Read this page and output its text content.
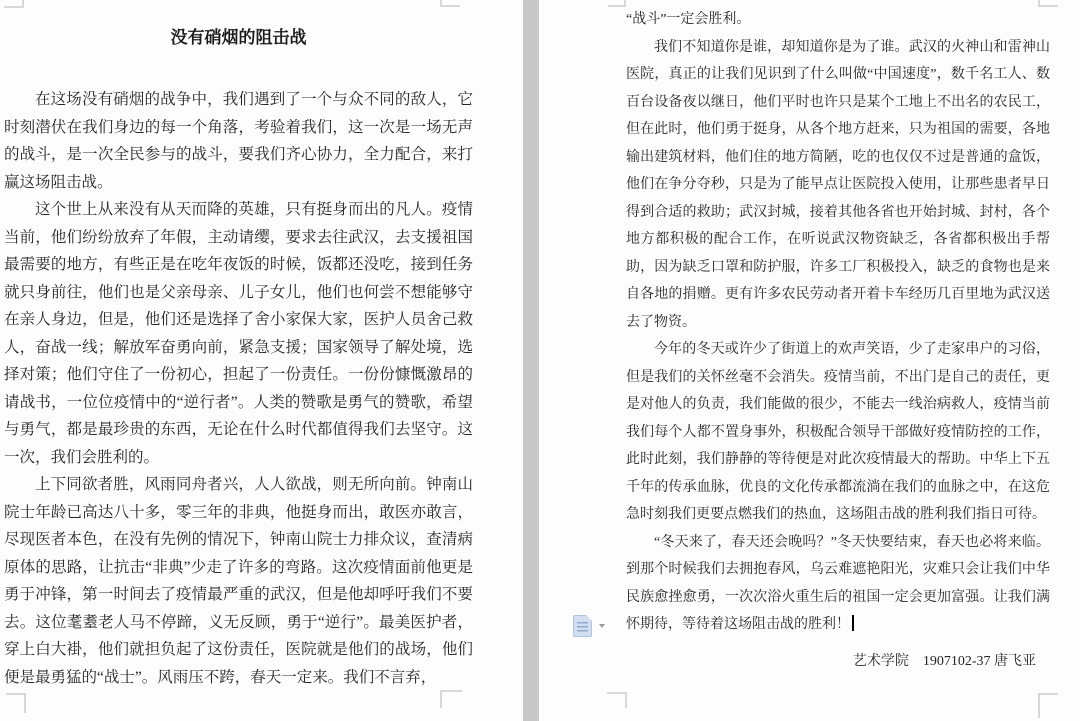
没有硝烟的阻击战

在这场没有硝烟的战争中，我们遇到了一个与众不同的敌人，它时刻潜伏在我们身边的每一个角落，考验着我们，这一次是一场无声的战斗，是一次全民参与的战斗，要我们齐心协力，全力配合，来打赢这场阻击战。

这个世上从来没有从天而降的英雄，只有挺身而出的凡人。疫情当前，他们纷纷放弃了年假，主动请缨，要求去往武汉，去支援祖国最需要的地方，有些正是在吃年夜饭的时候，饭都还没吃，接到任务就只身前往，他们也是父亲母亲、儿子女儿，他们也何尝不想能够守在亲人身边，但是，他们还是选择了舍小家保大家，医护人员舍己救人，奋战一线；解放军奋勇向前，紧急支援；国家领导了解处境，选择对策；他们守住了一份初心，担起了一份责任。一份份慷慨激昂的请战书，一位位疫情中的“逆行者”。人类的赞歌是勇气的赞歌，希望与勇气，都是最珍贵的东西，无论在什么时代都值得我们去坚守。这一次，我们会胜利的。

上下同欲者胜，风雨同舟者兴，人人欲战，则无所向前。钟南山院士年龄已高达八十多，零三年的非典，他挺身而出，敢医亦敢言，尽现医者本色，在没有先例的情况下，钟南山院士力排众议，查清病原体的思路，让抗击“非典”少走了许多的弯路。这次疫情面前他更是勇于冲锋，第一时间去了疫情最严重的武汉，但是他却呼吁我们不要去。这位耄耋老人马不停蹄，义无反顾，勇于“逆行”。最美医护者，穿上白大褂，他们就担负起了这份责任，医院就是他们的战场，他们便是最勇猛的“战士”。风雨压不跨，春天一定来。我们不言弃，

“战斗”一定会胜利。

我们不知道你是谁，却知道你是为了谁。武汉的火神山和雷神山医院，真正的让我们见识到了什么叫做“中国速度”，数千名工人、数百台设备夜以继日，他们平时也许只是某个工地上不出名的农民工，但在此时，他们勇于挺身，从各个地方赶来，只为祖国的需要，各地输出建筑材料，他们住的地方简陋，吃的也仅仅不过是普通的盒饭，他们在争分夺秒，只是为了能早点让医院投入使用，让那些患者早日得到合适的救助；武汉封城，接着其他各省也开始封城、封村，各个地方都积极的配合工作，在听说武汉物资缺乏，各省都积极出手帮助，因为缺乏口罩和防护服，许多工厂积极投入，缺乏的食物也是来自各地的捐赠。更有许多农民劳动者开着卡车经历几百里地为武汉送去了物资。

今年的冬天或许少了街道上的欢声笑语，少了走家串户的习俗，但是我们的关怀丝毫不会消失。疫情当前，不出门是自己的责任，更是对他人的负责，我们能做的很少，不能去一线治病救人，疫情当前我们每个人都不置身事外，积极配合领导干部做好疫情防控的工作，此时此刻，我们静静的等待便是对此次疫情最大的帮助。中华上下五千年的传承血脉，优良的文化传承都流淌在我们的血脉之中，在这危急时刻我们更要点燃我们的热血，这场阻击战的胜利我们指日可待。

“冬天来了，春天还会晚吗？”冬天快要结束，春天也必将来临。到那个时候我们去拥抱春风，乌云难遮艳阳光，灾难只会让我们中华民族愈挫愈勇，一次次浴火重生后的祖国一定会更加富强。让我们满怀期待，等待着这场阻击战的胜利！

艺术学院　1907102-37 唐飞亚
